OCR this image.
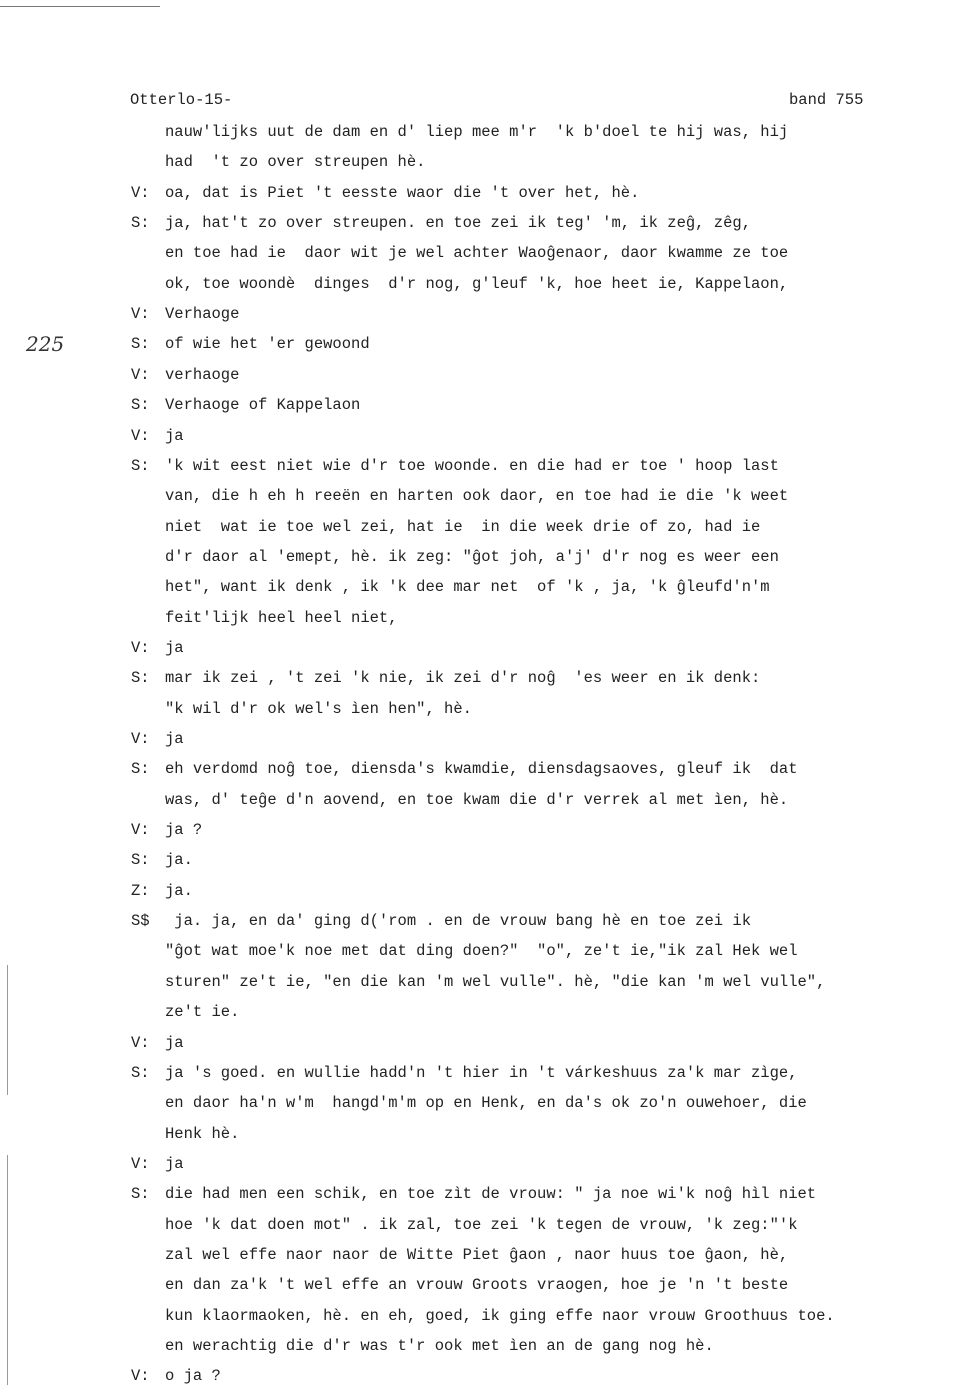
Otterlo-15-	band 755
225
nauw'lijks uut de dam en d' liep mee m'r  'k b'doel te hij was, hij
had  't zo over streupen hè.
V: oa, dat is Piet 't eesste waor die 't over het, hè.
S: ja, hat't zo over streupen. en toe zei ik teg' 'm, ik zeĝ, zêg,
en toe had ie  daor wit je wel achter Waoĝenaor, daor kwamme ze toe
ok, toe woondè  dinges  d'r nog, g'leuf 'k, hoe heet ie, Kappelaon,
V: Verhaoge
S: of wie het 'er gewoond
V: verhaoge
S: Verhaoge of Kappelaon
V: ja
S: 'k wit eest niet wie d'r toe woonde. en die had er toe ' hoop last
van, die h eh h reeën en harten ook daor, en toe had ie die 'k weet
niet  wat ie toe wel zei, hat ie  in die week drie of zo, had ie
d'r daor al 'emept, hè. ik zeg: "ĝot joh, a'j' d'r nog es weer een
het", want ik denk , ik 'k dee mar net  of 'k , ja, 'k ĝleufd'n'm
feit'lijk heel heel niet,
V: ja
S: mar ik zei , 't zei 'k nie, ik zei d'r noĝ  'es weer en ik denk:
"k wil d'r ok wel's ìen hen", hè.
V: ja
S: eh verdomd noĝ toe, diensda's kwamdie, diensdagsaoves, gleuf ik  dat
was, d' teĝe d'n aovend, en toe kwam die d'r verrek al met ìen, hè.
V: ja ?
S: ja.
Z: ja.
S$ ja. ja, en da' ging d('rom . en de vrouw bang hè en toe zei ik
"ĝot wat moe'k noe met dat ding doen?"  "o", ze't ie,"ik zal Hek wel
sturen" ze't ie, "en die kan 'm wel vulle". hè, "die kan 'm wel vulle",
ze't ie.
V: ja
S: ja 's goed. en wullie hadd'n 't hier in 't várkeshuus za'k mar zìge,
en daor ha'n w'm  hangd'm'm op en Henk, en da's ok zo'n ouwehoer, die
Henk hè.
V: ja
S: die had men een schik, en toe zìt de vrouw: " ja noe wi'k noĝ hìl niet
hoe 'k dat doen mot" . ik zal, toe zei 'k tegen de vrouw, 'k zeg:"'k
zal wel effe naor naor de Witte Piet ĝaon , naor huus toe ĝaon, hè,
en dan za'k 't wel effe an vrouw Groots vraogen, hoe je 'n 't beste
kun klaormaoken, hè. en eh, goed, ik ging effe naor vrouw Groothuus toe.
en werachtig die d'r was t'r ook met ìen an de gang nog hè.
V: o ja ?
